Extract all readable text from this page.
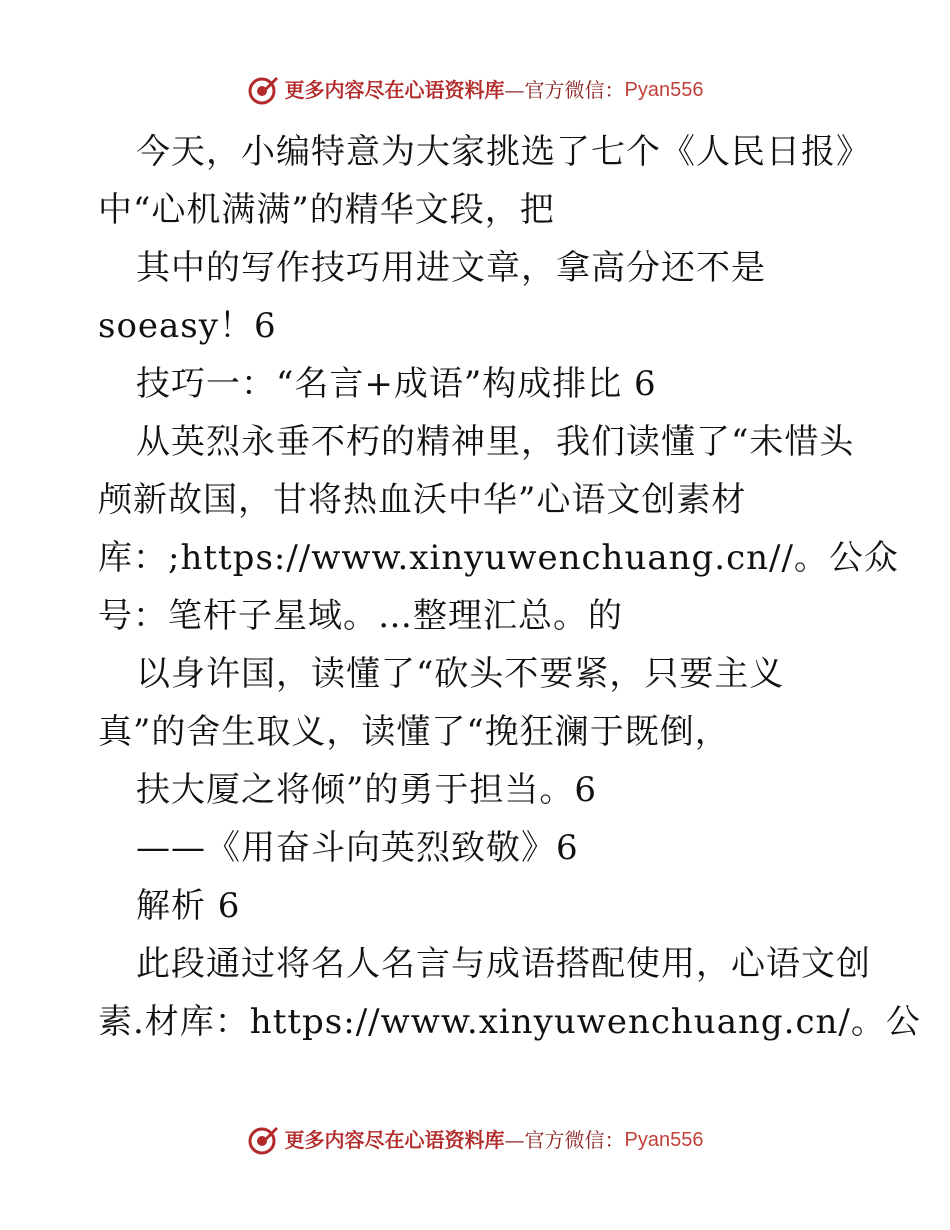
更多内容尽在心语资料库 — 官方微信： Pyan556
今天，小编特意为大家挑选了七个《人民日报》
中“心机满满”的精华文段，把
其中的写作技巧用进文章，拿高分还不是
soeasy！6
技巧一：“名言+成语”构成排比 6
从英烈永垂不朽的精神里，我们读懂了“未惜头
颅新故国，甘将热血沃中华”心语文创素材
库：;https://www.xinyuwenchuang.cn//。公众
号：笔杆子星域。…整理汇总。的
以身许国，读懂了“砍头不要紧，只要主义
真”的舍生取义，读懂了“挽狂澜于既倒，
扶大厦之将倾”的勇于担当。6
——《用奋斗向英烈致敬》6
解析 6
此段通过将名人名言与成语搭配使用，心语文创
素.材库：https://www.xinyuwenchuang.cn/。公
更多内容尽在心语资料库 — 官方微信： Pyan556
